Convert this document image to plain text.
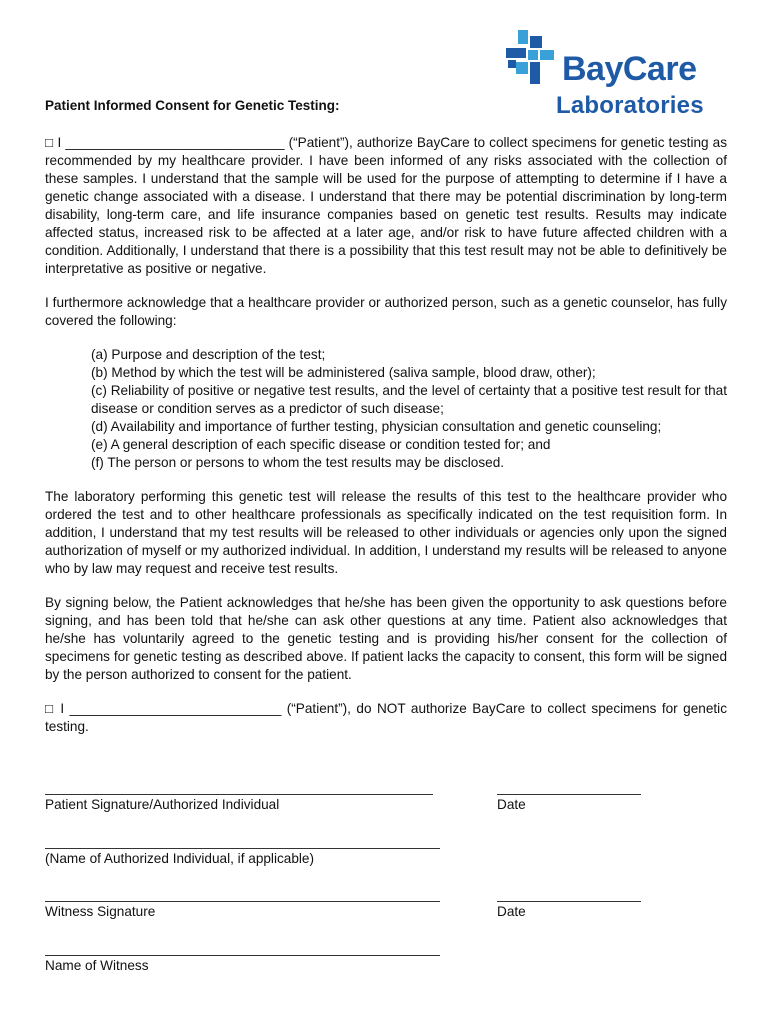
BayCare
Laboratories
Patient Informed Consent for Genetic Testing:

□ I _____________________________ (“Patient”), authorize BayCare to collect specimens for genetic testing as recommended by my healthcare provider. I have been informed of any risks associated with the collection of these samples. I understand that the sample will be used for the purpose of attempting to determine if I have a genetic change associated with a disease. I understand that there may be potential discrimination by long-term disability, long-term care, and life insurance companies based on genetic test results. Results may indicate affected status, increased risk to be affected at a later age, and/or risk to have future affected children with a condition. Additionally, I understand that there is a possibility that this test result may not be able to definitively be interpretative as positive or negative.

I furthermore acknowledge that a healthcare provider or authorized person, such as a genetic counselor, has fully covered the following:

(a) Purpose and description of the test;
(b) Method by which the test will be administered (saliva sample, blood draw, other);
(c) Reliability of positive or negative test results, and the level of certainty that a positive test result for that disease or condition serves as a predictor of such disease;
(d) Availability and importance of further testing, physician consultation and genetic counseling;
(e) A general description of each specific disease or condition tested for; and
(f) The person or persons to whom the test results may be disclosed.

The laboratory performing this genetic test will release the results of this test to the healthcare provider who ordered the test and to other healthcare professionals as specifically indicated on the test requisition form. In addition, I understand that my test results will be released to other individuals or agencies only upon the signed authorization of myself or my authorized individual. In addition, I understand my results will be released to anyone who by law may request and receive test results.

By signing below, the Patient acknowledges that he/she has been given the opportunity to ask questions before signing, and has been told that he/she can ask other questions at any time. Patient also acknowledges that he/she has voluntarily agreed to the genetic testing and is providing his/her consent for the collection of specimens for genetic testing as described above. If patient lacks the capacity to consent, this form will be signed by the person authorized to consent for the patient.

□ I ____________________________ (“Patient”), do NOT authorize BayCare to collect specimens for genetic testing.

Patient Signature/Authorized Individual	Date
(Name of Authorized Individual, if applicable)
Witness Signature	Date
Name of Witness
